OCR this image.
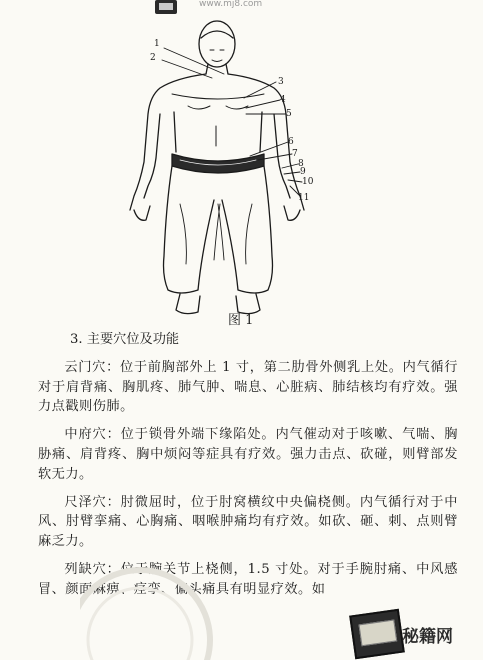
www.mj8.com
1
2
3
4
5
6
7
8
9
10
11
图 1

3. 主要穴位及功能

云门穴：位于前胸部外上 1 寸，第二肋骨外侧乳上处。内气循行对于肩背痛、胸肌疼、肺气肿、喘息、心脏病、肺结核均有疗效。强力点戳则伤肺。

中府穴：位于锁骨外端下缘陷处。内气催动对于咳嗽、气喘、胸胁痛、肩背疼、胸中烦闷等症具有疗效。强力击点、砍碰，则臂部发软无力。

尺泽穴：肘微屈时，位于肘窝横纹中央偏桡侧。内气循行对于中风、肘臂挛痛、心胸痛、咽喉肿痛均有疗效。如砍、砸、刺、点则臂麻乏力。

列缺穴：位于腕关节上桡侧，1.5 寸处。对于手腕肘痛、中风感冒、颜面麻痹、痉挛、偏头痛具有明显疗效。如

秘籍网
